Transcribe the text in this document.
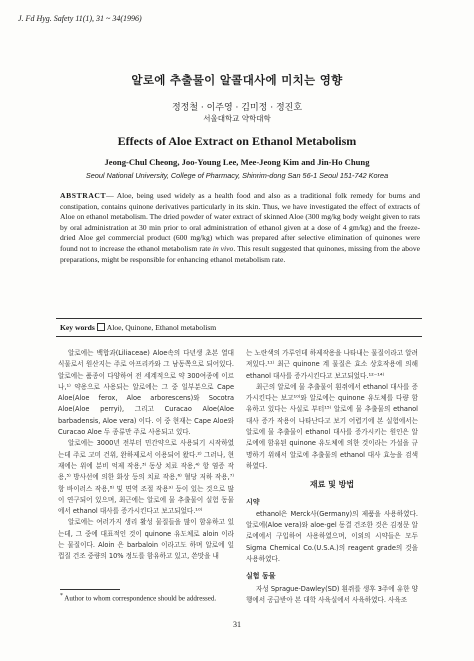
J. Fd Hyg. Safety 11(1), 31 ~ 34(1996)
알로에 추출물이 알콜대사에 미치는 영향
정정철 · 이주영 · 김미정 · 정진호
서울대학교 약학대학
Effects of Aloe Extract on Ethanol Metabolism
Jeong-Chul Cheong, Joo-Young Lee, Mee-Jeong Kim and Jin-Ho Chung
Seoul National University, College of Pharmacy, Shinrim-dong San 56-1 Seoul 151-742 Korea
ABSTRACT— Aloe, being used widely as a health food and also as a traditional folk remedy for burns and constipation, contains quinone derivatives particularly in its skin. Thus, we have investigated the effect of extracts of Aloe on ethanol metabolism. The dried powder of water extract of skinned Aloe (300 mg/kg body weight given to rats by oral administration at 30 min prior to oral administration of ethanol given at a dose of 4 gm/kg) and the freeze-dried Aloe gel commercial product (600 mg/kg) which was prepared after selective elimination of quinones were found not to increase the ethanol metabolism rate in vivo. This result suggested that quinones, missing from the above preparations, might be responsible for enhancing ethanol metabolism rate.
Key words Aloe, Quinone, Ethanol metabolism

알로에는 백합과(Liliaceae) Aloe속의 다년생 초본 열대식물로서 원산지는 주로 아프리카와 그 남동쪽으로 되어있다. 알로에는 품종이 다양하여 전 세계적으로 약 300여종에 이르나,¹⁾ 약용으로 사용되는 알로에는 그 중 일부분으로 Cape Aloe(Aloe ferox, Aloe arborescens)와 Socotra Aloe(Aloe perryi), 그리고 Curacao Aloe(Aloe barbadensis, Aloe vera) 이다. 이 중 현재는 Cape Aloe와 Curacao Aloe 두 종류만 주로 사용되고 있다.

알로에는 3000년 전부터 민간약으로 사용되기 시작하였는데 주로 고미 건위, 완하제로서 이용되어 왔다.²⁾ 그러나, 현재에는 위에 분비 억제 작용,³⁾ 동상 치료 작용,⁴⁾ 항 염증 작용,⁵⁾ 방사선에 의한 화상 등의 치료 작용,⁶⁾ 혈당 저하 작용,⁷⁾ 항 바이러스 작용,⁸⁾ 및 면역 조절 작용⁹⁾ 등이 있는 것으로 많이 연구되어 있으며, 최근에는 알로에 물 추출물이 실험 동물에서 ethanol 대사를 증가시킨다고 보고되었다.¹⁰⁾

알로에는 여러가지 생리 활성 물질들을 많이 함유하고 있는데, 그 중에 대표적인 것이 quinone 유도체로 aloin 이라는 물질이다. Aloin 은 barbaloin 이라고도 하며 알로에 잎 껍질 건조 중량의 10% 정도를 함유하고 있고, 쓴맛을 내

는 노란색의 가루인데 하제작용을 나타내는 물질이라고 알려져있다.¹¹⁾ 최근 quinone 계 물질은 효소 상호작용에 의해 ethanol 대사를 증가시킨다고 보고되었다.¹²⁻¹⁴⁾

최근의 알로에 물 추출물이 흰쥐에서 ethanol 대사를 증가시킨다는 보고¹⁰⁾와 알로에는 quinone 유도체를 다량 함유하고 있다는 사실로 부터¹⁵⁾ 알로에 물 추출물의 ethanol 대사 증가 작용이 나타난다고 보기 어렵기에 본 실험에서는 알로에 물 추출물이 ethanol 대사를 증가시키는 원인은 알로에에 함유된 quinone 유도체에 의한 것이라는 가설을 규명하기 위해서 알로에 추출물의 ethanol 대사 효능을 검색하였다.

재료 및 방법
시약

ethanol은 Merck사(Germany)의 제품을 사용하였다. 알로에(Aloe vera)와 aloe-gel 동결 건조한 것은 김정문 알로에에서 구입하여 사용하였으며, 이외의 시약들은 모두 Sigma Chemical Co.(U.S.A.)의 reagent grade의 것을 사용하였다.

실험 동물

자성 Sprague-Dawley(SD) 흰쥐를 생후 3주에 유한 양행에서 공급받아 본 대학 사육실에서 사육하였다. 사육조

* Author to whom correspondence should be addressed.
31
